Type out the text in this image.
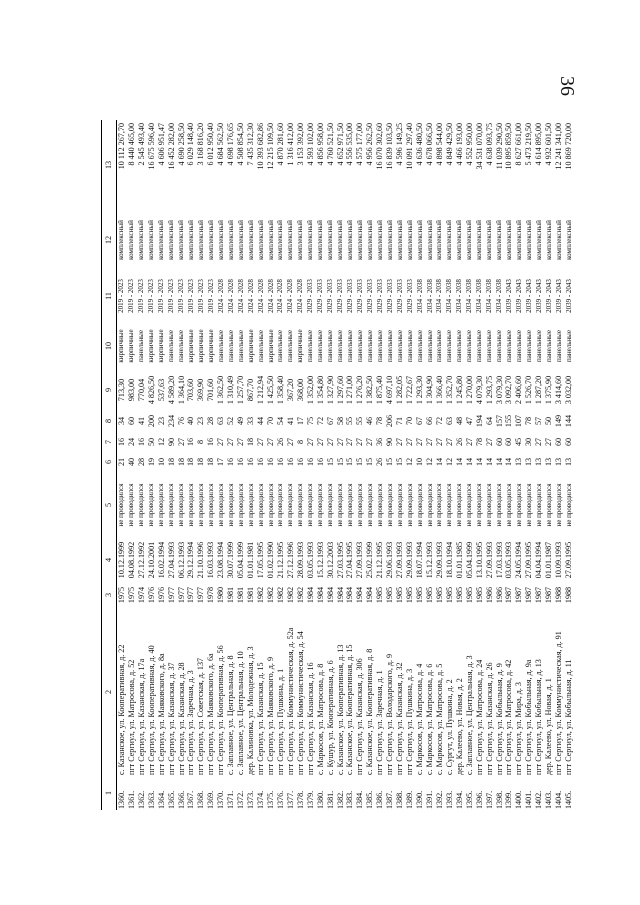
36
1	2	3	4	5	6	7	8	9	10	11	12	13
1360.	с. Казанское, ул. Кооперативная, д. 22	1975	10.12.1999	не проводился	21	16	34	713,30	кирпичные	2019 - 2023	комплексный	10 112 267,70
1361.	пгт Сергиул, ул. Матросова, д. 52	1975	04.08.1992	не проводился	40	24	60	983,00	кирпичные	2019 - 2023	комплексный	8 440 465,00
1362.	пгт Сергиул, ул. Казанская, д. 17а	1974	27.12.1992	не проводился	28	16	41	770,04	панельные	2019 - 2023	комплексный	2 545 493,40
1363.	пгт Сергиул, ул. Кооперативная, д. 40	1976	24.10.2001	не проводился	19	50	200	4 826,50	кирпичные	2019 - 2023	комплексный	16 675 596,40
1364.	пгт Сергиул, ул. Маяковского, д. 8а	1976	16.02.1994	не проводился	10	12	23	537,63	кирпичные	2019 - 2023	комплексный	4 606 951,47
1365.	пгт Сергиул, ул. Казанская, д. 37	1977	27.04.1993	не проводился	18	90	234	4 589,20	панельные	2019 - 2023	комплексный	16 452 282,00
1366.	пгт Сергиул, ул. Казанская, д. 28	1977	06.12.1993	не проводился	18	27	76	1 364,10	панельные	2019 - 2023	комплексный	4 690 258,50
1367.	пгт Сергиул, ул. Заречная, д. 3	1977	29.12.1994	не проводился	18	16	40	703,60	кирпичные	2019 - 2023	комплексный	6 029 148,40
1368.	пгт Сергиул, ул. Советская, д. 137	1977	21.10.1996	не проводился	18	8	23	369,90	кирпичные	2019 - 2023	комплексный	3 168 816,20
1369.	пгт Сергиул, ул. Маяковского, д. 6а	1978	16.03.1993	не проводился	18	16	28	701,60	кирпичные	2019 - 2023	комплексный	6 012 950,40
1370.	пгт Сергиул, ул. Кооперативная, д. 56	1980	23.08.1994	не проводился	17	27	63	1 362,50	панельные	2024 - 2028	комплексный	4 684 562,50
1371.	с. Заплавное, ул. Центральная, д. 8	1981	30.07.1999	не проводился	16	27	52	1 310,49	панельные	2024 - 2028	комплексный	4 698 176,65
1372.	с. Заплавное, ул. Центральная, д. 10	1981	05.04.1999	не проводился	16	27	49	1 257,70	панельные	2024 - 2028	комплексный	4 508 854,50
1373.	дер. Калиновка, ул. Молодежная, д. 3	1981	01.01.1981	не проводился	16	18	33	867,70	кирпичные	2024 - 2028	комплексный	7 435 312,30
1374.	пгт Сергиул, ул. Казанская, д. 15	1982	17.05.1995	не проводился	16	27	44	1 212,94	панельные	2024 - 2028	комплексный	10 393 682,86
1375.	пгт Сергиул, ул. Маяковского, д. 9	1982	01.02.1990	не проводился	16	27	70	1 425,50	кирпичные	2024 - 2028	комплексный	12 215 109,50
1376.	пгт Сергиул, ул. Пушкина, д. 1	1982	21.12.1995	не проводился	16	26	54	1 358,40	панельные	2024 - 2028	комплексный	4 870 281,60
1377.	пгт Сергиул, ул. Коммунистическая, д. 52а	1982	27.12.1996	не проводился	16	27	41	367,20	панельные	2024 - 2028	комплексный	1 316 412,00
1378.	пгт Сергиул, ул. Коммунистическая, д. 54	1982	28.09.1993	не проводился	16	8	17	368,00	кирпичные	2024 - 2028	комплексный	3 153 392,00
1379.	пгт Сергиул, ул. Казанская, д. 16	1984	03.05.1993	не проводился	16	27	75	1 352,00	панельные	2029 - 2033	комплексный	4 593 102,00
1380.	с. Маркосов, ул. Матросова, д. 8	1984	15.12.1993	не проводился	16	27	72	1 354,80	панельные	2029 - 2033	комплексный	4 856 958,00
1381.	с. Кушур, ул. Кооперативная, д. 6	1984	30.12.2003	не проводился	15	27	67	1 327,90	панельные	2029 - 2033	комплексный	4 760 521,50
1382.	с. Казанское, ул. Кооперативная, д. 13	1984	27.03.1995	не проводился	15	27	58	1 297,60	панельные	2029 - 2033	комплексный	4 652 971,50
1383.	с. Казанское, ул. Кооперативная, д. 15	1984	27.04.1995	не проводился	15	27	55	1 271,00	панельные	2029 - 2033	комплексный	4 556 535,00
1384.	пгт Сергиул, ул. Казанская, д. 306	1984	27.09.1993	не проводился	15	27	55	1 276,20	панельные	2029 - 2033	комплексный	4 575 177,00
1385.	с. Казанское, ул. Кооперативная, д. 8	1984	25.02.1999	не проводился	15	27	46	1 382,50	панельные	2029 - 2033	комплексный	4 956 262,50
1386.	пгт Сергиул, ул. Заречная, д. 1	1985	21.12.1995	не проводился	26	36	78	1 875,40	панельные	2029 - 2033	комплексный	16 070 302,60
1387.	пгт Сергиул, ул. Володарского, д. 9	1985	29.06.1993	не проводился	15	90	206	4 697,10	панельные	2029 - 2033	комплексный	16 839 103,50
1388.	пгт Сергиул, ул. Казанская, д. 32	1985	27.09.1993	не проводился	15	27	71	1 282,05	панельные	2029 - 2033	комплексный	4 596 149,25
1389.	пгт Сергиул, ул. Пушкина, д. 3	1985	29.09.1993	не проводился	12	27	70	1 722,67	панельные	2029 - 2033	комплексный	10 091 297,40
1390.	с. Маркосов, ул. Матросова, д. 4	1985	18.07.1994	не проводился	10	27	67	1 293,30	панельные	2034 - 2038	комплексный	4 636 480,50
1391.	с. Маркосов, ул. Матросова, д. 6	1985	15.12.1993	не проводился	12	27	66	1 304,90	панельные	2034 - 2038	комплексный	4 678 066,50
1392.	с. Маркосов, ул. Матросова, д. 5	1985	29.09.1993	не проводился	14	27	72	1 366,40	панельные	2034 - 2038	комплексный	4 898 544,00
1393.	с. Сургут, ул. Пушкина, д. 2	1985	18.10.1994	не проводился	12	27	63	1 352,70	панельные	2034 - 2038	комплексный	4 849 429,50
1394.	дер. Калеево, ул. Новая, д. 2	1985	01.01.1985	не проводился	14	26	48	1 245,80	панельные	2034 - 2038	комплексный	4 466 193,00
1395.	с. Заплавное, ул. Центральная, д. 3	1985	05.04.1999	не проводился	14	27	47	1 270,00	панельные	2034 - 2038	комплексный	4 552 950,00
1396.	пгт Сергиул, ул. Матросова, д. 24	1985	13.10.1995	не проводился	14	78	194	4 079,30	панельные	2034 - 2038	комплексный	34 531 070,00
1397.	пгт Сергиул, ул. Казанская, д. 26	1986	27.09.1993	не проводился	14	27	64	1 293,75	панельные	2034 - 2038	комплексный	4 638 093,75
1398.	пгт Сергиул, ул. Кобыльная, д. 9	1986	17.03.1993	не проводился	14	60	157	3 079,30	панельные	2034 - 2038	комплексный	11 039 290,50
1399.	пгт Сергиул, ул. Матросова, д. 42	1987	03.05.1993	не проводился	14	60	155	3 092,70	панельные	2039 - 2043	комплексный	10 895 859,50
1400.	пгт Сергиул, ул. Мира, д. 3	1987	24.05.1994	не проводился	13	45	107	2 406,60	панельные	2039 - 2043	комплексный	8 627 661,00
1401.	пгт Сергиул, ул. Кобыльная, д. 9а	1987	27.09.1995	не проводился	13	30	78	1 526,70	панельные	2039 - 2043	комплексный	5 473 219,50
1402.	пгт Сергиул, ул. Кобыльная, д. 13	1987	04.04.1994	не проводился	13	27	57	1 287,20	панельные	2039 - 2043	комплексный	4 614 895,00
1403.	дер. Калеево, ул. Новая, д. 1	1987	01.01.1987	не проводился	13	27	50	1 375,90	панельные	2039 - 2043	комплексный	4 932 601,50
1404.	пгт Сергиул, ул. Коммунистическая, д. 91	1988	10.09.1993	не проводился	13	60	149	3 414,60	панельные	2039 - 2043	комплексный	12 241 341,00
1405.	пгт Сергиул, ул. Кобыльная, д. 11	1988	27.09.1995	не проводился	13	60	144	3 032,00	панельные	2039 - 2043	комплексный	10 869 720,00
